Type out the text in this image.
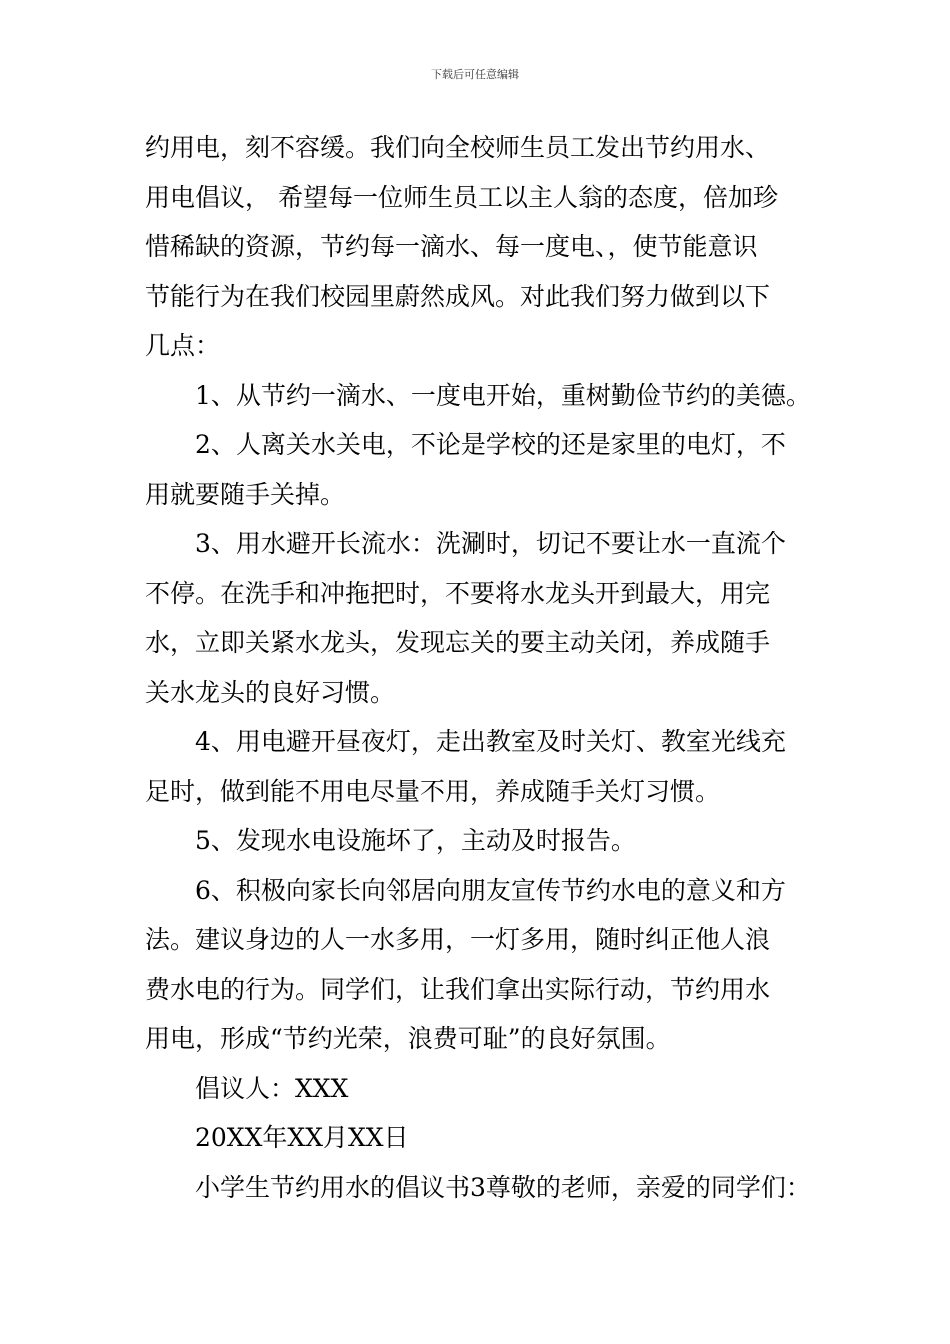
下载后可任意编辑
约用电，刻不容缓。我们向全校师生员工发出节约用水、
用电倡议， 希望每一位师生员工以主人翁的态度，倍加珍
惜稀缺的资源，节约每一滴水、每一度电、，使节能意识
节能行为在我们校园里蔚然成风。对此我们努力做到以下
几点：
1、从节约一滴水、一度电开始，重树勤俭节约的美德。
2、人离关水关电，不论是学校的还是家里的电灯，不
用就要随手关掉。
3、用水避开长流水：洗涮时，切记不要让水一直流个
不停。在洗手和冲拖把时，不要将水龙头开到最大，用完
水，立即关紧水龙头，发现忘关的要主动关闭，养成随手
关水龙头的良好习惯。
4、用电避开昼夜灯，走出教室及时关灯、教室光线充
足时，做到能不用电尽量不用，养成随手关灯习惯。
5、发现水电设施坏了，主动及时报告。
6、积极向家长向邻居向朋友宣传节约水电的意义和方
法。建议身边的人一水多用，一灯多用，随时纠正他人浪
费水电的行为。同学们，让我们拿出实际行动，节约用水
用电，形成“节约光荣，浪费可耻”的良好氛围。
倡议人：XXX
20XX年XX月XX日
小学生节约用水的倡议书3尊敬的老师，亲爱的同学们：
